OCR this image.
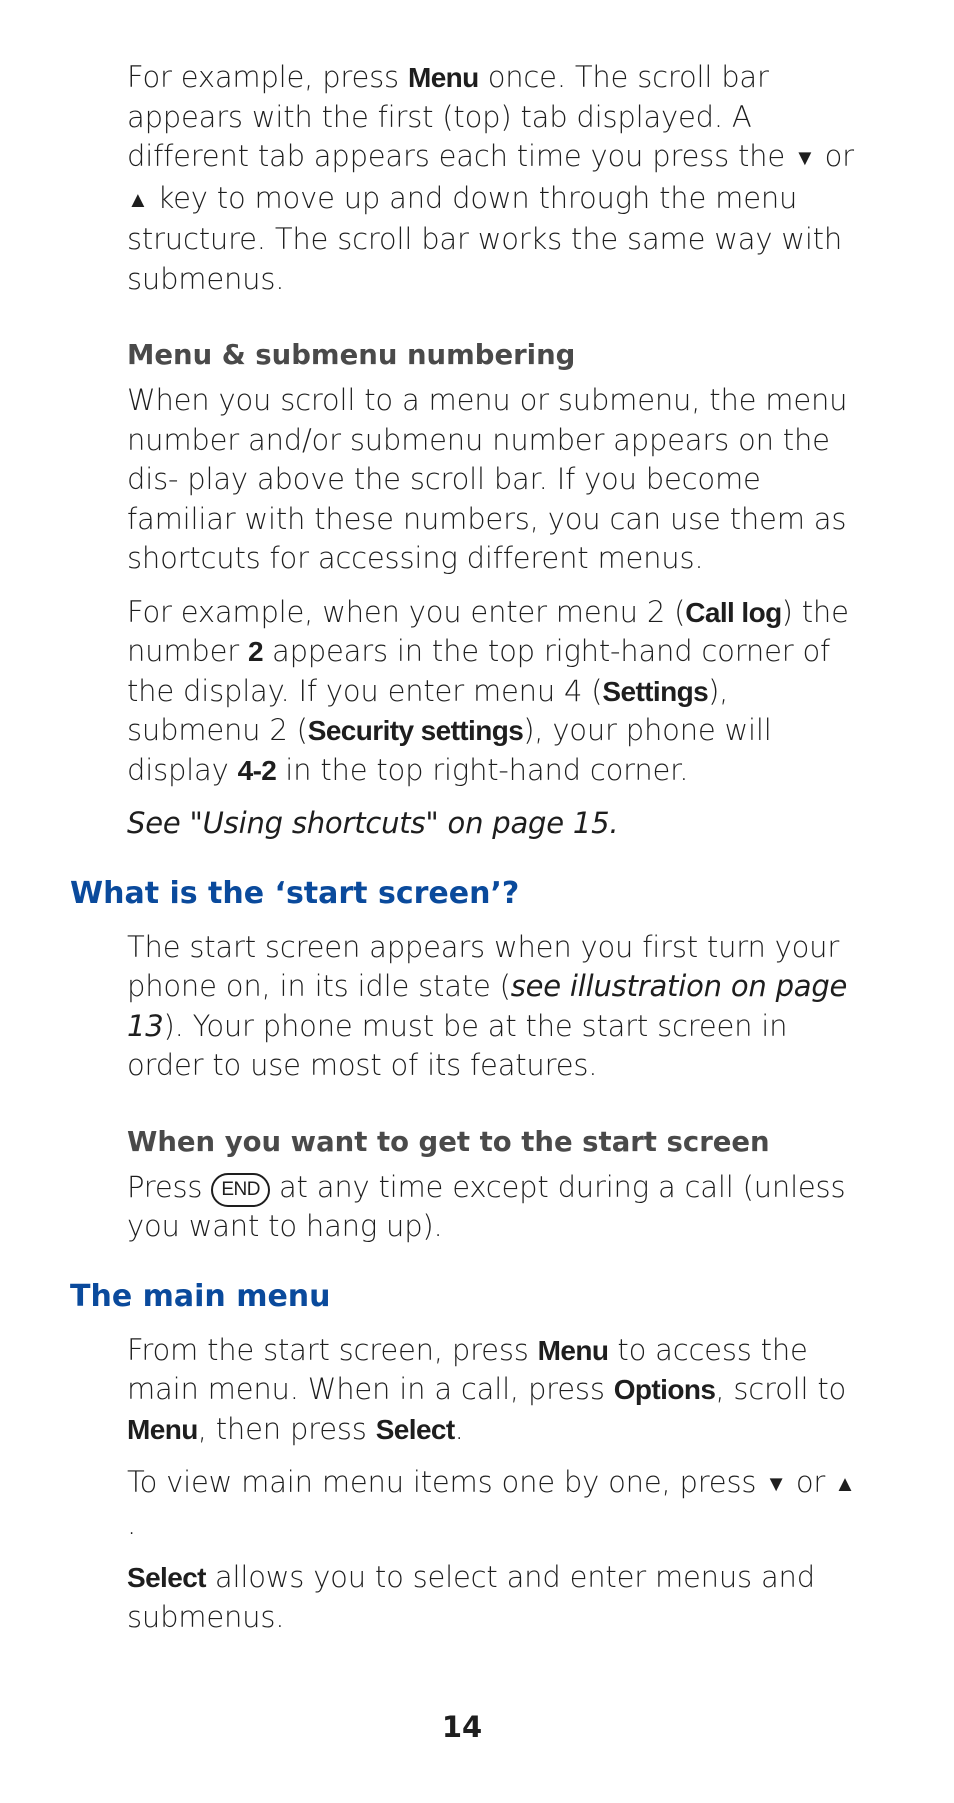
For example, press Menu once. The scroll bar appears with the first (top) tab displayed. A different tab appears each time you press the ▼ or ▲ key to move up and down through the menu structure. The scroll bar works the same way with submenus.

Menu & submenu numbering

When you scroll to a menu or submenu, the menu number and/or submenu number appears on the dis- play above the scroll bar. If you become familiar with these numbers, you can use them as shortcuts for accessing different menus.

For example, when you enter menu 2 (Call log) the number 2 appears in the top right-hand corner of the display. If you enter menu 4 (Settings), submenu 2 (Security settings), your phone will display 4-2 in the top right-hand corner.

See "Using shortcuts" on page 15.

What is the ‘start screen’?

The start screen appears when you first turn your phone on, in its idle state (see illustration on page 13). Your phone must be at the start screen in order to use most of its features.

When you want to get to the start screen

Press END at any time except during a call (unless you want to hang up).

The main menu

From the start screen, press Menu to access the main menu. When in a call, press Options, scroll to Menu, then press Select.

To view main menu items one by one, press ▼ or ▲.

Select allows you to select and enter menus and submenus.

14
